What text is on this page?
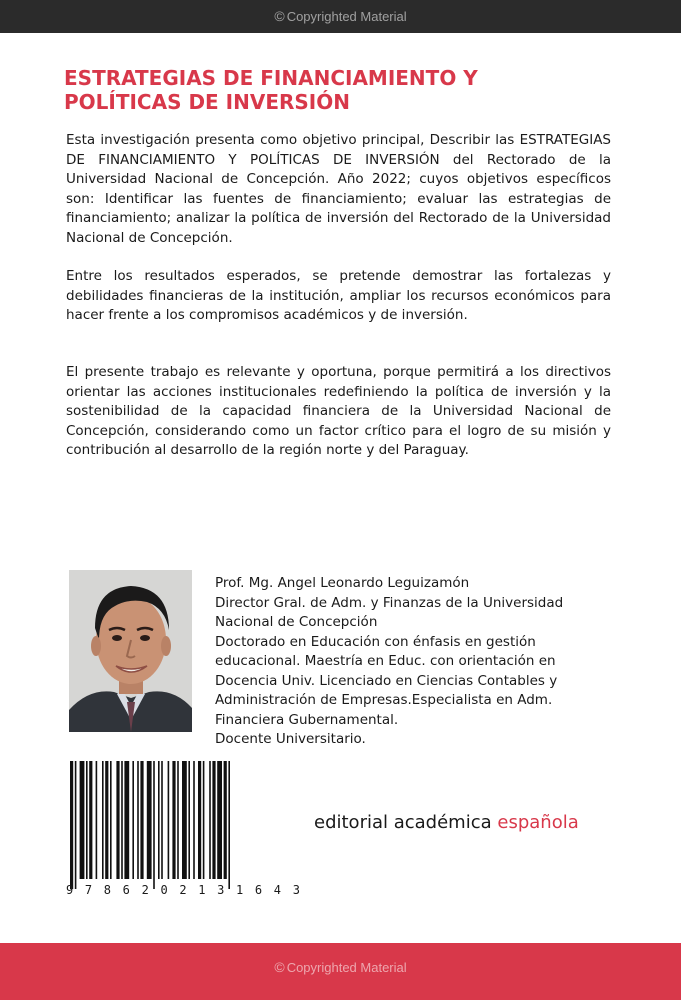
© Copyrighted Material
ESTRATEGIAS DE FINANCIAMIENTO Y
POLÍTICAS DE INVERSIÓN

Esta investigación presenta como objetivo principal, Describir las ESTRATEGIAS DE FINANCIAMIENTO Y POLÍTICAS DE INVERSIÓN del Rectorado de la Universidad Nacional de Concepción. Año 2022; cuyos objetivos específicos son: Identificar las fuentes de financiamiento; evaluar las estrategias de financiamiento; analizar la política de inversión del Rectorado de la Universidad Nacional de Concepción.

Entre los resultados esperados, se pretende demostrar las fortalezas y debilidades financieras de la institución, ampliar los recursos económicos para hacer frente a los compromisos académicos y de inversión.

El presente trabajo es relevante y oportuna, porque permitirá a los directivos orientar las acciones institucionales redefiniendo la política de inversión y la sostenibilidad de la capacidad financiera de la Universidad Nacional de Concepción, considerando como un factor crítico para el logro de su misión y contribución al desarrollo de la región norte y del Paraguay.

Prof. Mg. Angel Leonardo Leguizamón
Director Gral. de Adm. y Finanzas de la Universidad
Nacional de Concepción
Doctorado en Educación con énfasis en gestión
educacional. Maestría en Educ. con orientación en
Docencia Univ. Licenciado en Ciencias Contables y
Administración de Empresas.Especialista en Adm.
Financiera Gubernamental.
Docente Universitario.
9 7 8 6 2 0 2 1 3 1 6 4 3

editorial académica española

© Copyrighted Material
